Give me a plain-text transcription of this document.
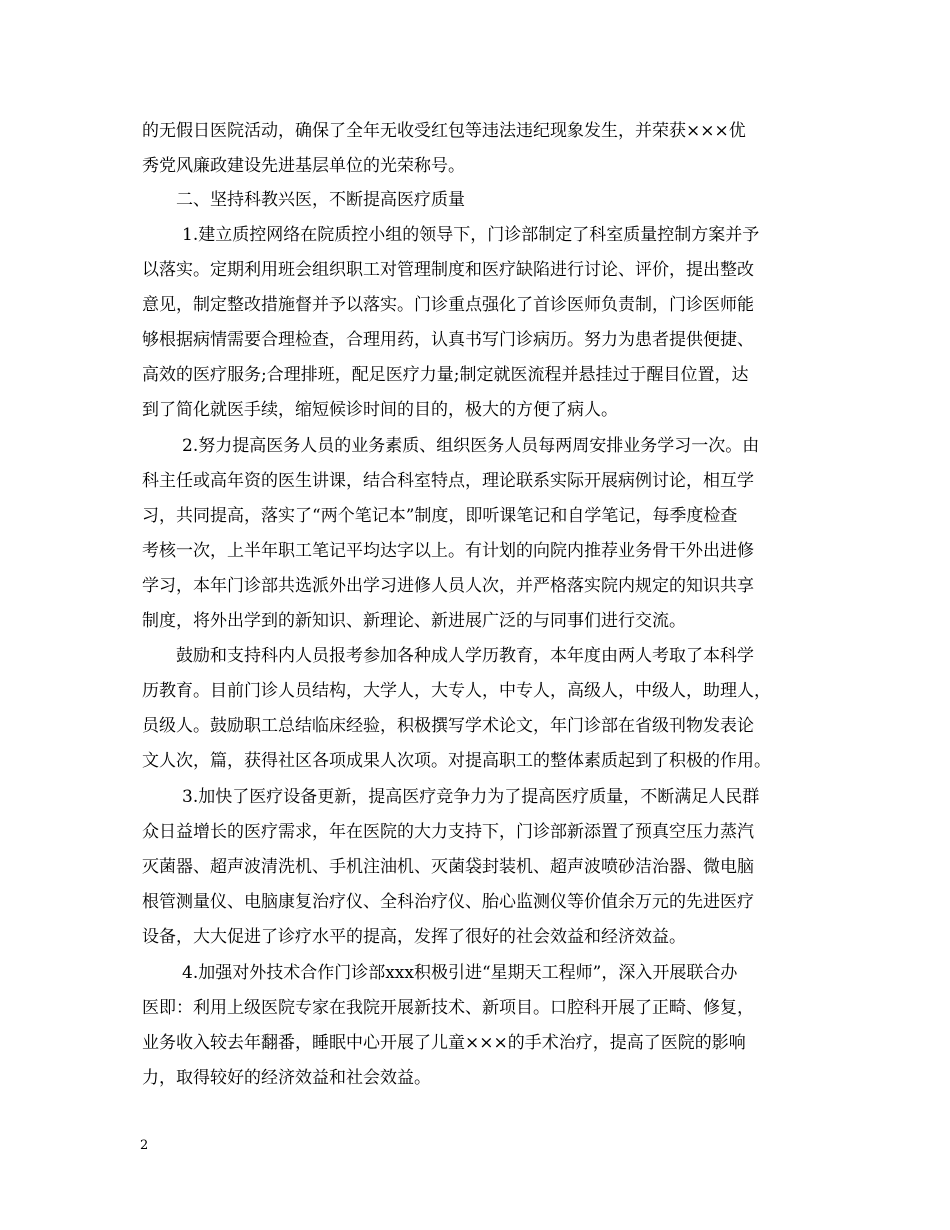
的无假日医院活动，确保了全年无收受红包等违法违纪现象发生，并荣获×××优
秀党风廉政建设先进基层单位的光荣称号。
二、坚持科教兴医，不断提高医疗质量
1.建立质控网络在院质控小组的领导下，门诊部制定了科室质量控制方案并予
以落实。定期利用班会组织职工对管理制度和医疗缺陷进行讨论、评价，提出整改
意见，制定整改措施督并予以落实。门诊重点强化了首诊医师负责制，门诊医师能
够根据病情需要合理检查，合理用药，认真书写门诊病历。努力为患者提供便捷、
高效的医疗服务;合理排班，配足医疗力量;制定就医流程并悬挂过于醒目位置，达
到了简化就医手续，缩短候诊时间的目的，极大的方便了病人。
2.努力提高医务人员的业务素质、组织医务人员每两周安排业务学习一次。由
科主任或高年资的医生讲课，结合科室特点，理论联系实际开展病例讨论，相互学
习，共同提高，落实了“两个笔记本”制度，即听课笔记和自学笔记，每季度检查
考核一次，上半年职工笔记平均达字以上。有计划的向院内推荐业务骨干外出进修
学习，本年门诊部共选派外出学习进修人员人次，并严格落实院内规定的知识共享
制度，将外出学到的新知识、新理论、新进展广泛的与同事们进行交流。
鼓励和支持科内人员报考参加各种成人学历教育，本年度由两人考取了本科学
历教育。目前门诊人员结构，大学人，大专人，中专人，高级人，中级人，助理人，
员级人。鼓励职工总结临床经验，积极撰写学术论文，年门诊部在省级刊物发表论
文人次，篇，获得社区各项成果人次项。对提高职工的整体素质起到了积极的作用。
3.加快了医疗设备更新，提高医疗竞争力为了提高医疗质量，不断满足人民群
众日益增长的医疗需求，年在医院的大力支持下，门诊部新添置了预真空压力蒸汽
灭菌器、超声波清洗机、手机注油机、灭菌袋封装机、超声波喷砂洁治器、微电脑
根管测量仪、电脑康复治疗仪、全科治疗仪、胎心监测仪等价值余万元的先进医疗
设备，大大促进了诊疗水平的提高，发挥了很好的社会效益和经济效益。
4.加强对外技术合作门诊部xxx积极引进“星期天工程师”，深入开展联合办
医即：利用上级医院专家在我院开展新技术、新项目。口腔科开展了正畸、修复，
业务收入较去年翻番，睡眠中心开展了儿童×××的手术治疗，提高了医院的影响
力，取得较好的经济效益和社会效益。
2
